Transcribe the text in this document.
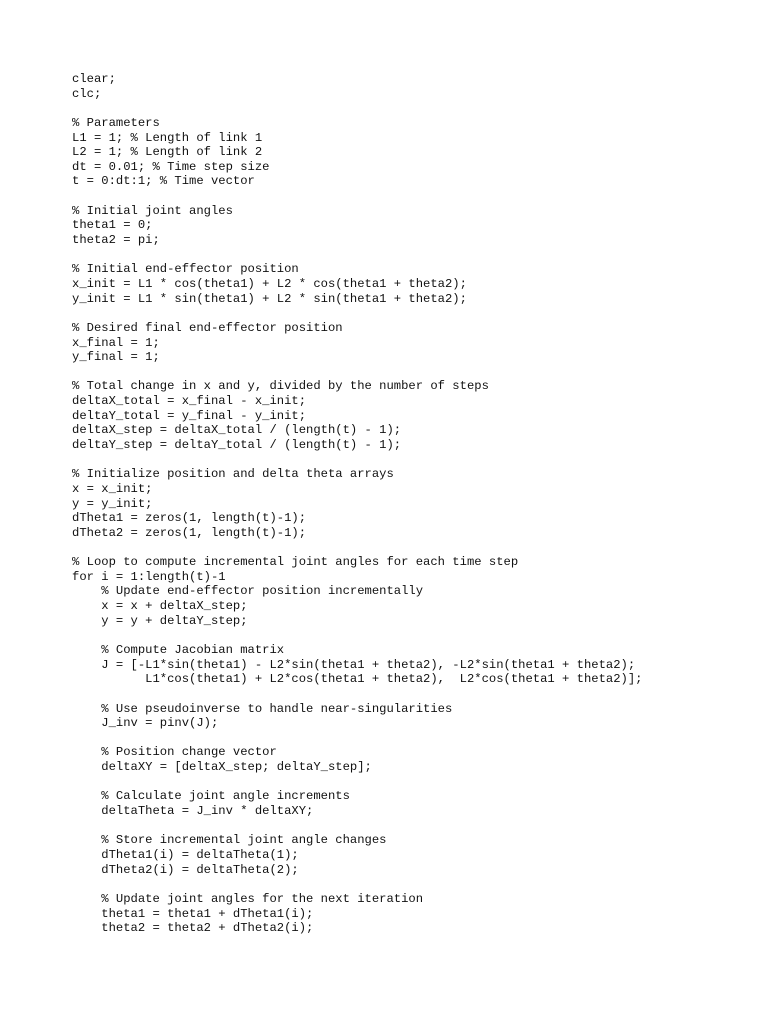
clear;
clc;
% Parameters
L1 = 1; % Length of link 1
L2 = 1; % Length of link 2
dt = 0.01; % Time step size
t = 0:dt:1; % Time vector
% Initial joint angles
theta1 = 0;
theta2 = pi;
% Initial end-effector position
x_init = L1 * cos(theta1) + L2 * cos(theta1 + theta2);
y_init = L1 * sin(theta1) + L2 * sin(theta1 + theta2);
% Desired final end-effector position
x_final = 1;
y_final = 1;
% Total change in x and y, divided by the number of steps
deltaX_total = x_final - x_init;
deltaY_total = y_final - y_init;
deltaX_step = deltaX_total / (length(t) - 1);
deltaY_step = deltaY_total / (length(t) - 1);
% Initialize position and delta theta arrays
x = x_init;
y = y_init;
dTheta1 = zeros(1, length(t)-1);
dTheta2 = zeros(1, length(t)-1);
% Loop to compute incremental joint angles for each time step
for i = 1:length(t)-1
% Update end-effector position incrementally
x = x + deltaX_step;
y = y + deltaY_step;
% Compute Jacobian matrix
J = [-L1*sin(theta1) - L2*sin(theta1 + theta2), -L2*sin(theta1 + theta2);
L1*cos(theta1) + L2*cos(theta1 + theta2),  L2*cos(theta1 + theta2)];
% Use pseudoinverse to handle near-singularities
J_inv = pinv(J);
% Position change vector
deltaXY = [deltaX_step; deltaY_step];
% Calculate joint angle increments
deltaTheta = J_inv * deltaXY;
% Store incremental joint angle changes
dTheta1(i) = deltaTheta(1);
dTheta2(i) = deltaTheta(2);
% Update joint angles for the next iteration
theta1 = theta1 + dTheta1(i);
theta2 = theta2 + dTheta2(i);
